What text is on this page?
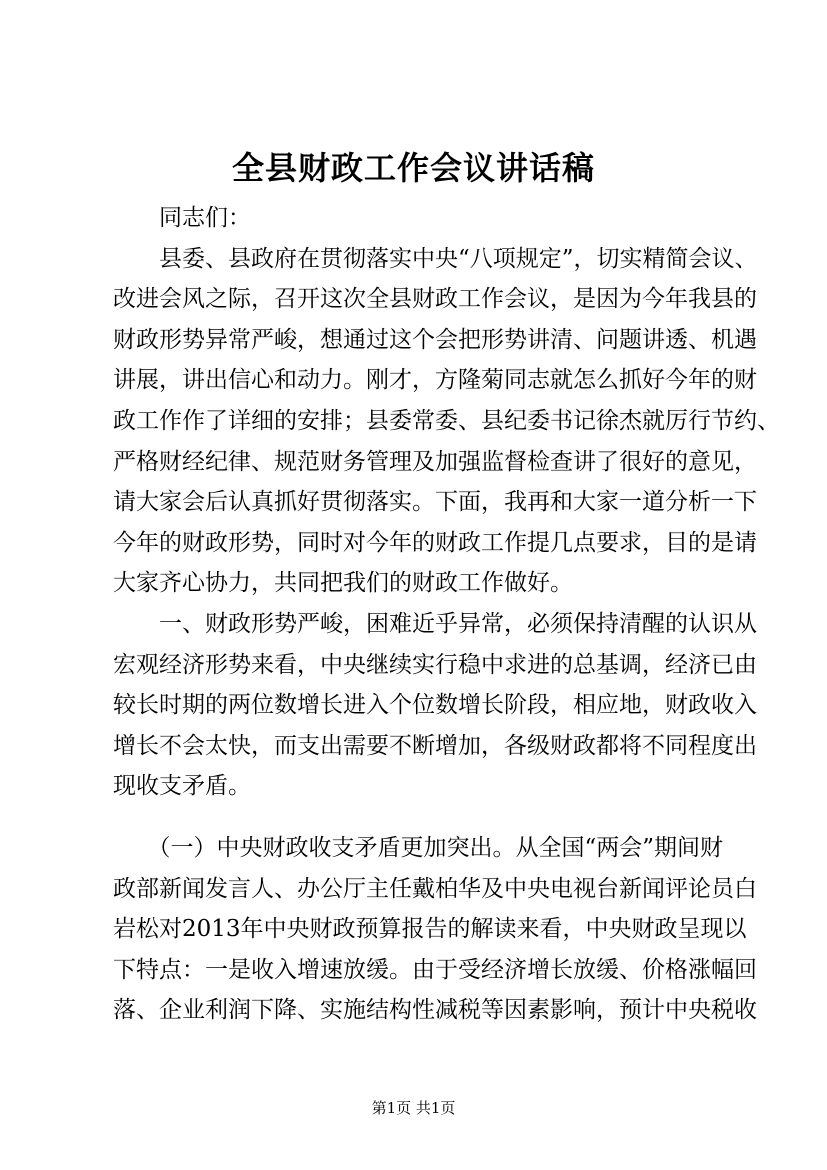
全县财政工作会议讲话稿
　　同志们：
　　县委、县政府在贯彻落实中央“八项规定”，切实精简会议、
改进会风之际，召开这次全县财政工作会议，是因为今年我县的
财政形势异常严峻，想通过这个会把形势讲清、问题讲透、机遇
讲展，讲出信心和动力。刚才，方隆菊同志就怎么抓好今年的财
政工作作了详细的安排；县委常委、县纪委书记徐杰就厉行节约、
严格财经纪律、规范财务管理及加强监督检查讲了很好的意见，
请大家会后认真抓好贯彻落实。下面，我再和大家一道分析一下
今年的财政形势，同时对今年的财政工作提几点要求，目的是请
大家齐心协力，共同把我们的财政工作做好。
　　一、财政形势严峻，困难近乎异常，必须保持清醒的认识从
宏观经济形势来看，中央继续实行稳中求进的总基调，经济已由
较长时期的两位数增长进入个位数增长阶段，相应地，财政收入
增长不会太快，而支出需要不断增加，各级财政都将不同程度出
现收支矛盾。
　　（一）中央财政收支矛盾更加突出。从全国“两会”期间财
政部新闻发言人、办公厅主任戴柏华及中央电视台新闻评论员白
岩松对2013年中央财政预算报告的解读来看，中央财政呈现以
下特点：一是收入增速放缓。由于受经济增长放缓、价格涨幅回
落、企业利润下降、实施结构性减税等因素影响，预计中央税收
第1页 共1页
